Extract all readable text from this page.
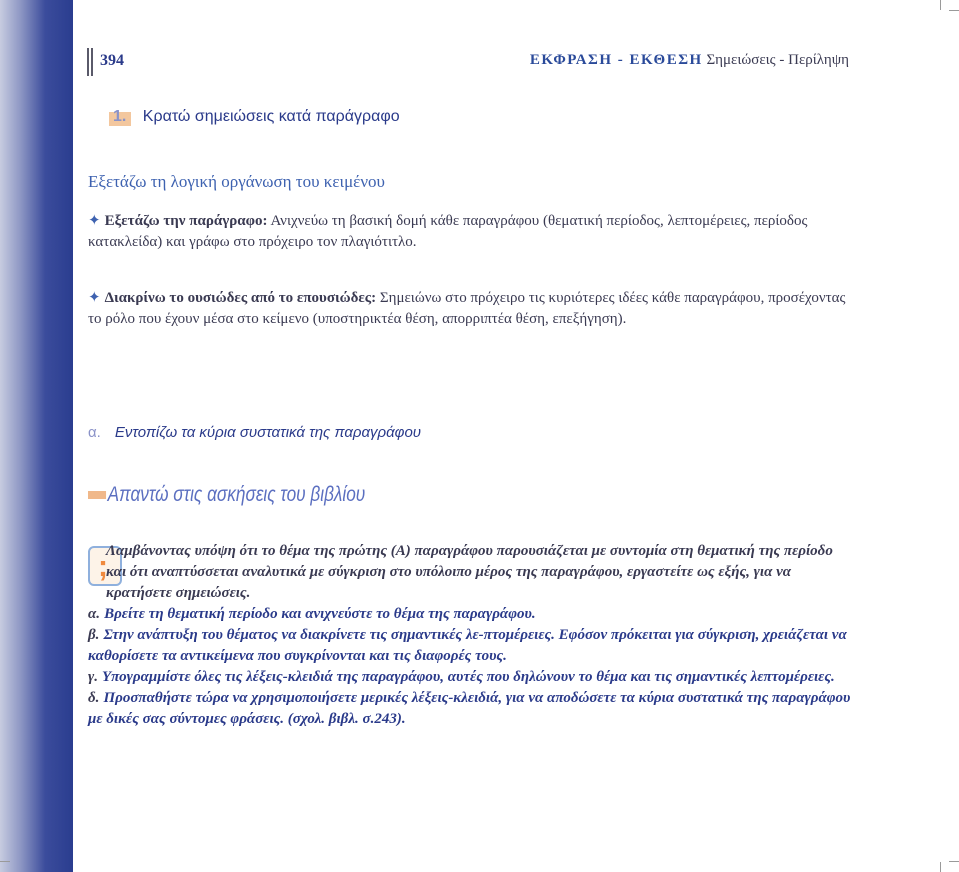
394	ΕΚΦΡΑΣΗ - ΕΚΘΕΣΗ Σημειώσεις - Περίληψη
1. Κρατώ σημειώσεις κατά παράγραφο
Εξετάζω τη λογική οργάνωση του κειμένου
✦ Εξετάζω την παράγραφο: Ανιχνεύω τη βασική δομή κάθε παραγράφου (θεματική περίοδος, λεπτομέρειες, περίοδος κατακλείδα) και γράφω στο πρόχειρο τον πλαγιότιτλο.
✦ Διακρίνω το ουσιώδες από το επουσιώδες: Σημειώνω στο πρόχειρο τις κυριότερες ιδέες κάθε παραγράφου, προσέχοντας το ρόλο που έχουν μέσα στο κείμενο (υποστηρικτέα θέση, απορριπτέα θέση, επεξήγηση).
α. Εντοπίζω τα κύρια συστατικά της παραγράφου
Απαντώ στις ασκήσεις του βιβλίου
;

Λαμβάνοντας υπόψη ότι το θέμα της πρώτης (Α) παραγράφου παρουσιάζεται με συντομία στη θεματική της περίοδο και ότι αναπτύσσεται αναλυτικά με σύγκριση στο υπόλοιπο μέρος της παραγράφου, εργαστείτε ως εξής, για να κρατήσετε σημειώσεις.

α. Βρείτε τη θεματική περίοδο και ανιχνεύστε το θέμα της παραγράφου.

β. Στην ανάπτυξη του θέματος να διακρίνετε τις σημαντικές λε-πτομέρειες. Εφόσον πρόκειται για σύγκριση, χρειάζεται να καθορίσετε τα αντικείμενα που συγκρίνονται και τις διαφορές τους.

γ. Υπογραμμίστε όλες τις λέξεις-κλειδιά της παραγράφου, αυτές που δηλώνουν το θέμα και τις σημαντικές λεπτομέρειες.

δ. Προσπαθήστε τώρα να χρησιμοποιήσετε μερικές λέξεις-κλειδιά, για να αποδώσετε τα κύρια συστατικά της παραγράφου με δικές σας σύντομες φράσεις. (σχολ. βιβλ. σ.243).
